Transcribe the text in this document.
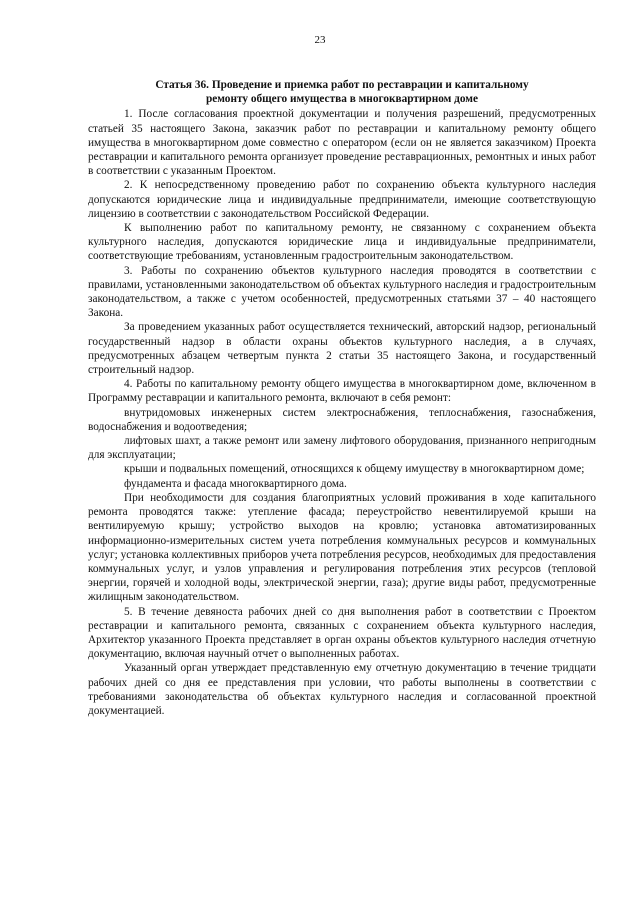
23
Статья 36. Проведение и приемка работ по реставрации и капитальному
ремонту общего имущества в многоквартирном доме

1. После согласования проектной документации и получения разрешений, предусмотренных статьей 35 настоящего Закона, заказчик работ по реставрации и капитальному ремонту общего имущества в многоквартирном доме совместно с оператором (если он не является заказчиком) Проекта реставрации и капитального ремонта организует проведение реставрационных, ремонтных и иных работ в соответствии с указанным Проектом.

2. К непосредственному проведению работ по сохранению объекта культурного наследия допускаются юридические лица и индивидуальные предприниматели, имеющие соответствующую лицензию в соответствии с законодательством Российской Федерации.

К выполнению работ по капитальному ремонту, не связанному с сохранением объекта культурного наследия, допускаются юридические лица и индивидуальные предприниматели, соответствующие требованиям, установленным градостроительным законодательством.

3. Работы по сохранению объектов культурного наследия проводятся в соответствии с правилами, установленными законодательством об объектах культурного наследия и градостроительным законодательством, а также с учетом особенностей, предусмотренных статьями 37 – 40 настоящего Закона.

За проведением указанных работ осуществляется технический, авторский надзор, региональный государственный надзор в области охраны объектов культурного наследия, а в случаях, предусмотренных абзацем четвертым пункта 2 статьи 35 настоящего Закона, и государственный строительный надзор.

4. Работы по капитальному ремонту общего имущества в многоквартирном доме, включенном в Программу реставрации и капитального ремонта, включают в себя ремонт:

внутридомовых инженерных систем электроснабжения, теплоснабжения, газоснабжения, водоснабжения и водоотведения;

лифтовых шахт, а также ремонт или замену лифтового оборудования, признанного непригодным для эксплуатации;

крыши и подвальных помещений, относящихся к общему имуществу в многоквартирном доме;

фундамента и фасада многоквартирного дома.

При необходимости для создания благоприятных условий проживания в ходе капитального ремонта проводятся также: утепление фасада; переустройство невентилируемой крыши на вентилируемую крышу; устройство выходов на кровлю; установка автоматизированных информационно-измерительных систем учета потребления коммунальных ресурсов и коммунальных услуг; установка коллективных приборов учета потребления ресурсов, необходимых для предоставления коммунальных услуг, и узлов управления и регулирования потребления этих ресурсов (тепловой энергии, горячей и холодной воды, электрической энергии, газа); другие виды работ, предусмотренные жилищным законодательством.

5. В течение девяноста рабочих дней со дня выполнения работ в соответствии с Проектом реставрации и капитального ремонта, связанных с сохранением объекта культурного наследия, Архитектор указанного Проекта представляет в орган охраны объектов культурного наследия отчетную документацию, включая научный отчет о выполненных работах.

Указанный орган утверждает представленную ему отчетную документацию в течение тридцати рабочих дней со дня ее представления при условии, что работы выполнены в соответствии с требованиями законодательства об объектах культурного наследия и согласованной проектной документацией.
